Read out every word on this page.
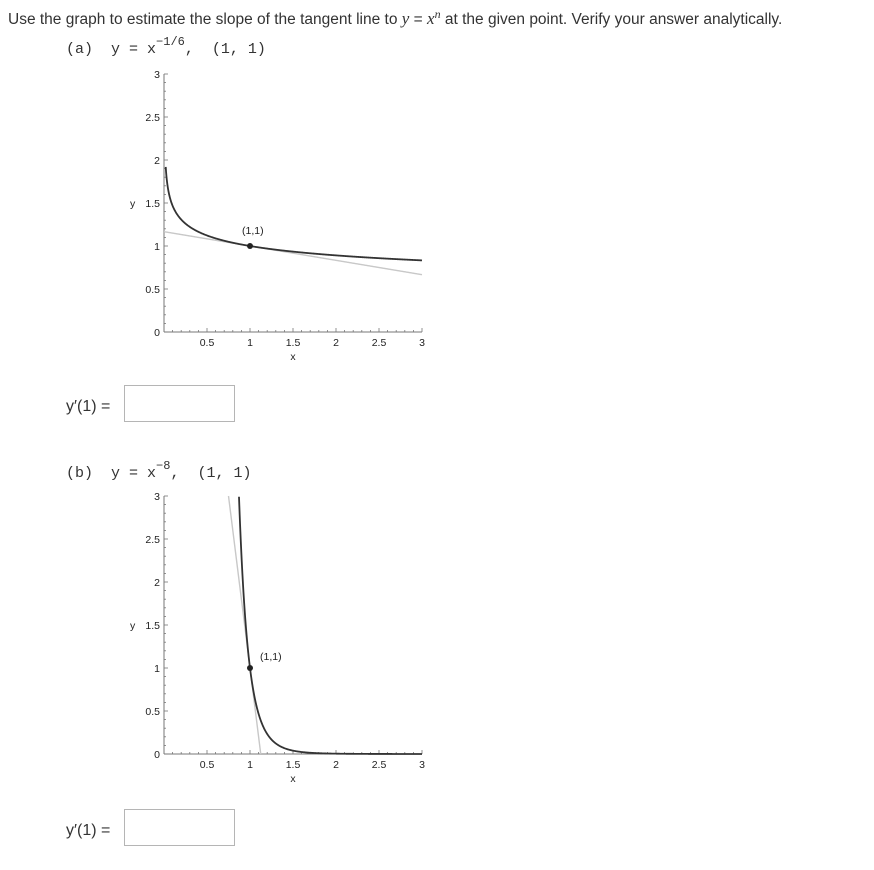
Use the graph to estimate the slope of the tangent line to $y = x^n$ at the given point. Verify your answer analytically.
(a) $y = x^{-1/6}$, (1, 1)
0
0.5
1
1.5
y
2
2.5
3
0.5	1	1.5	2	2.5	3
x
(1,1)
y′(1) =
(b) $y = x^{-8}$, (1, 1)
0
0.5
1
1.5
y
2
2.5
3
0.5	1	1.5	2	2.5	3
x
(1,1)
y′(1) =
